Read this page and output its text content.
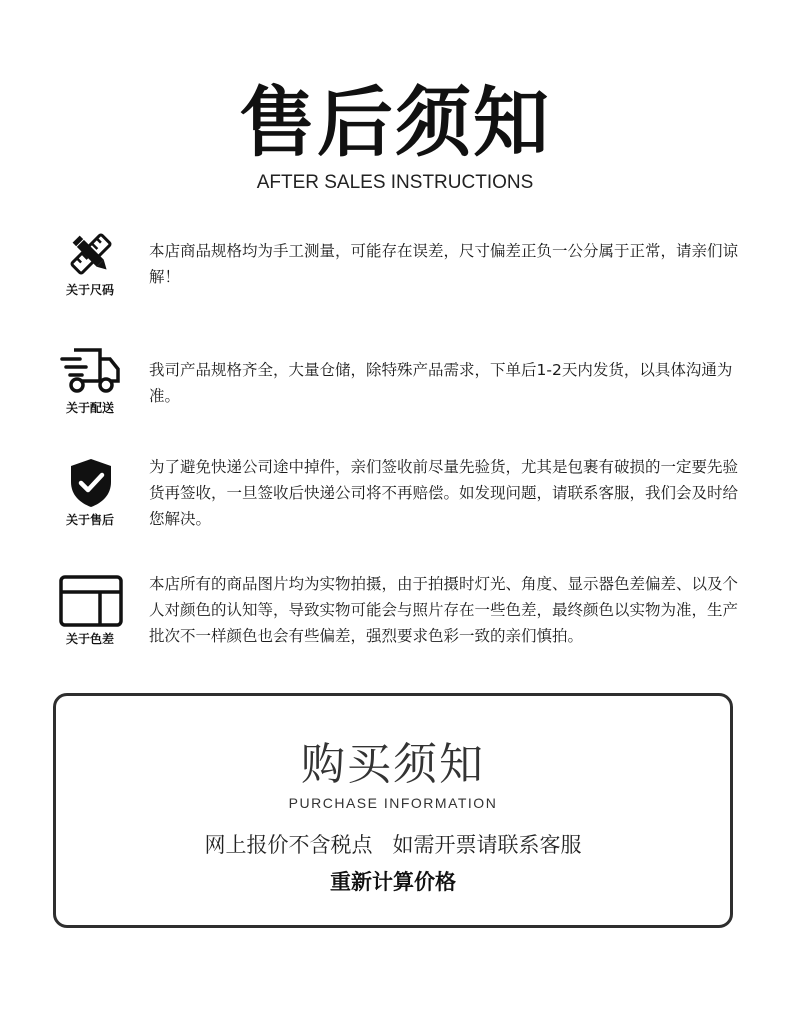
售后须知
AFTER SALES INSTRUCTIONS
关于尺码
本店商品规格均为手工测量，可能存在误差，尺寸偏差正负一公分属于正常，请亲们谅解！
关于配送
我司产品规格齐全，大量仓储，除特殊产品需求，下单后1-2天内发货，以具体沟通为准。
关于售后
为了避免快递公司途中掉件，亲们签收前尽量先验货，尤其是包裹有破损的一定要先验货再签收，一旦签收后快递公司将不再赔偿。如发现问题，请联系客服，我们会及时给您解决。
关于色差
本店所有的商品图片均为实物拍摄，由于拍摄时灯光、角度、显示器色差偏差、以及个人对颜色的认知等，导致实物可能会与照片存在一些色差，最终颜色以实物为准，生产批次不一样颜色也会有些偏差，强烈要求色彩一致的亲们慎拍。
购买须知
PURCHASE INFORMATION
网上报价不含税点   如需开票请联系客服
重新计算价格
